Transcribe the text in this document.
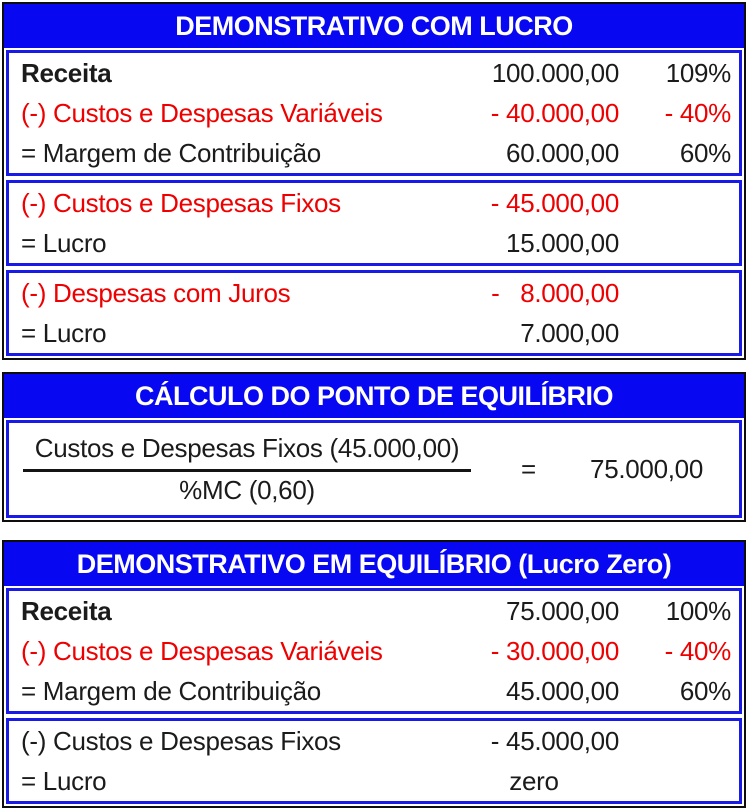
DEMONSTRATIVO COM LUCRO
Receita	100.000,00	109%
(-) Custos e Despesas Variáveis	- 40.000,00	- 40%
= Margem de Contribuição	60.000,00	60%
(-) Custos e Despesas Fixos	- 45.000,00
= Lucro	15.000,00
(-) Despesas com Juros	-   8.000,00
= Lucro	7.000,00
CÁLCULO DO PONTO DE EQUILÍBRIO
$\frac{\text{Custos e Despesas Fixos (45.000,00)}}{\%MC (0,60)}$ =	75.000,00
DEMONSTRATIVO EM EQUILÍBRIO (Lucro Zero)
Receita	75.000,00	100%
(-) Custos e Despesas Variáveis	- 30.000,00	- 40%
= Margem de Contribuição	45.000,00	60%
(-) Custos e Despesas Fixos	- 45.000,00
= Lucro	zero
